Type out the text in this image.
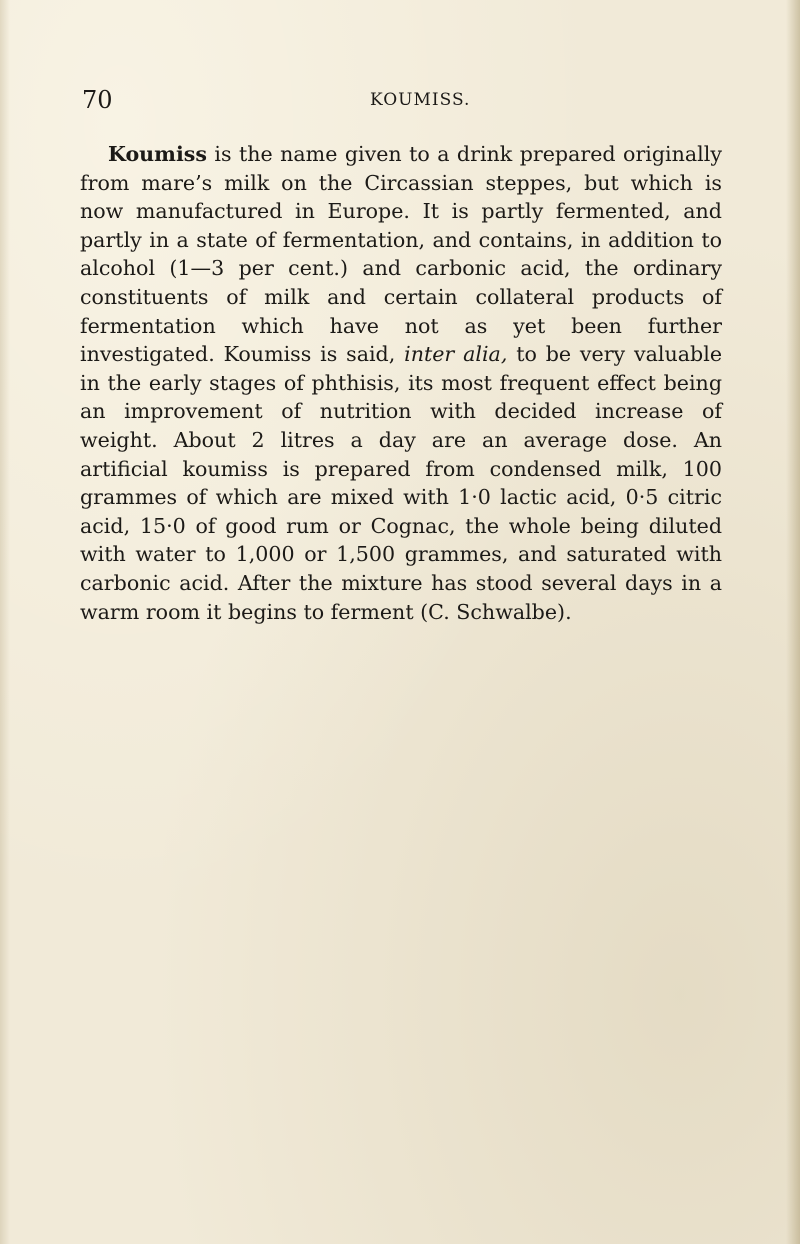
70	KOUMISS.

Koumiss is the name given to a drink prepared originally from mare’s milk on the Circassian steppes, but which is now manufactured in Europe. It is partly fermented, and partly in a state of fermentation, and contains, in addition to alcohol (1—3 per cent.) and carbonic acid, the ordinary constituents of milk and certain collateral products of fermentation which have not as yet been further investigated. Koumiss is said, inter alia, to be very valuable in the early stages of phthisis, its most frequent effect being an improvement of nutrition with decided increase of weight. About 2 litres a day are an average dose. An artificial koumiss is prepared from condensed milk, 100 grammes of which are mixed with 1·0 lactic acid, 0·5 citric acid, 15·0 of good rum or Cognac, the whole being diluted with water to 1,000 or 1,500 grammes, and saturated with carbonic acid. After the mixture has stood several days in a warm room it begins to ferment (C. Schwalbe).
